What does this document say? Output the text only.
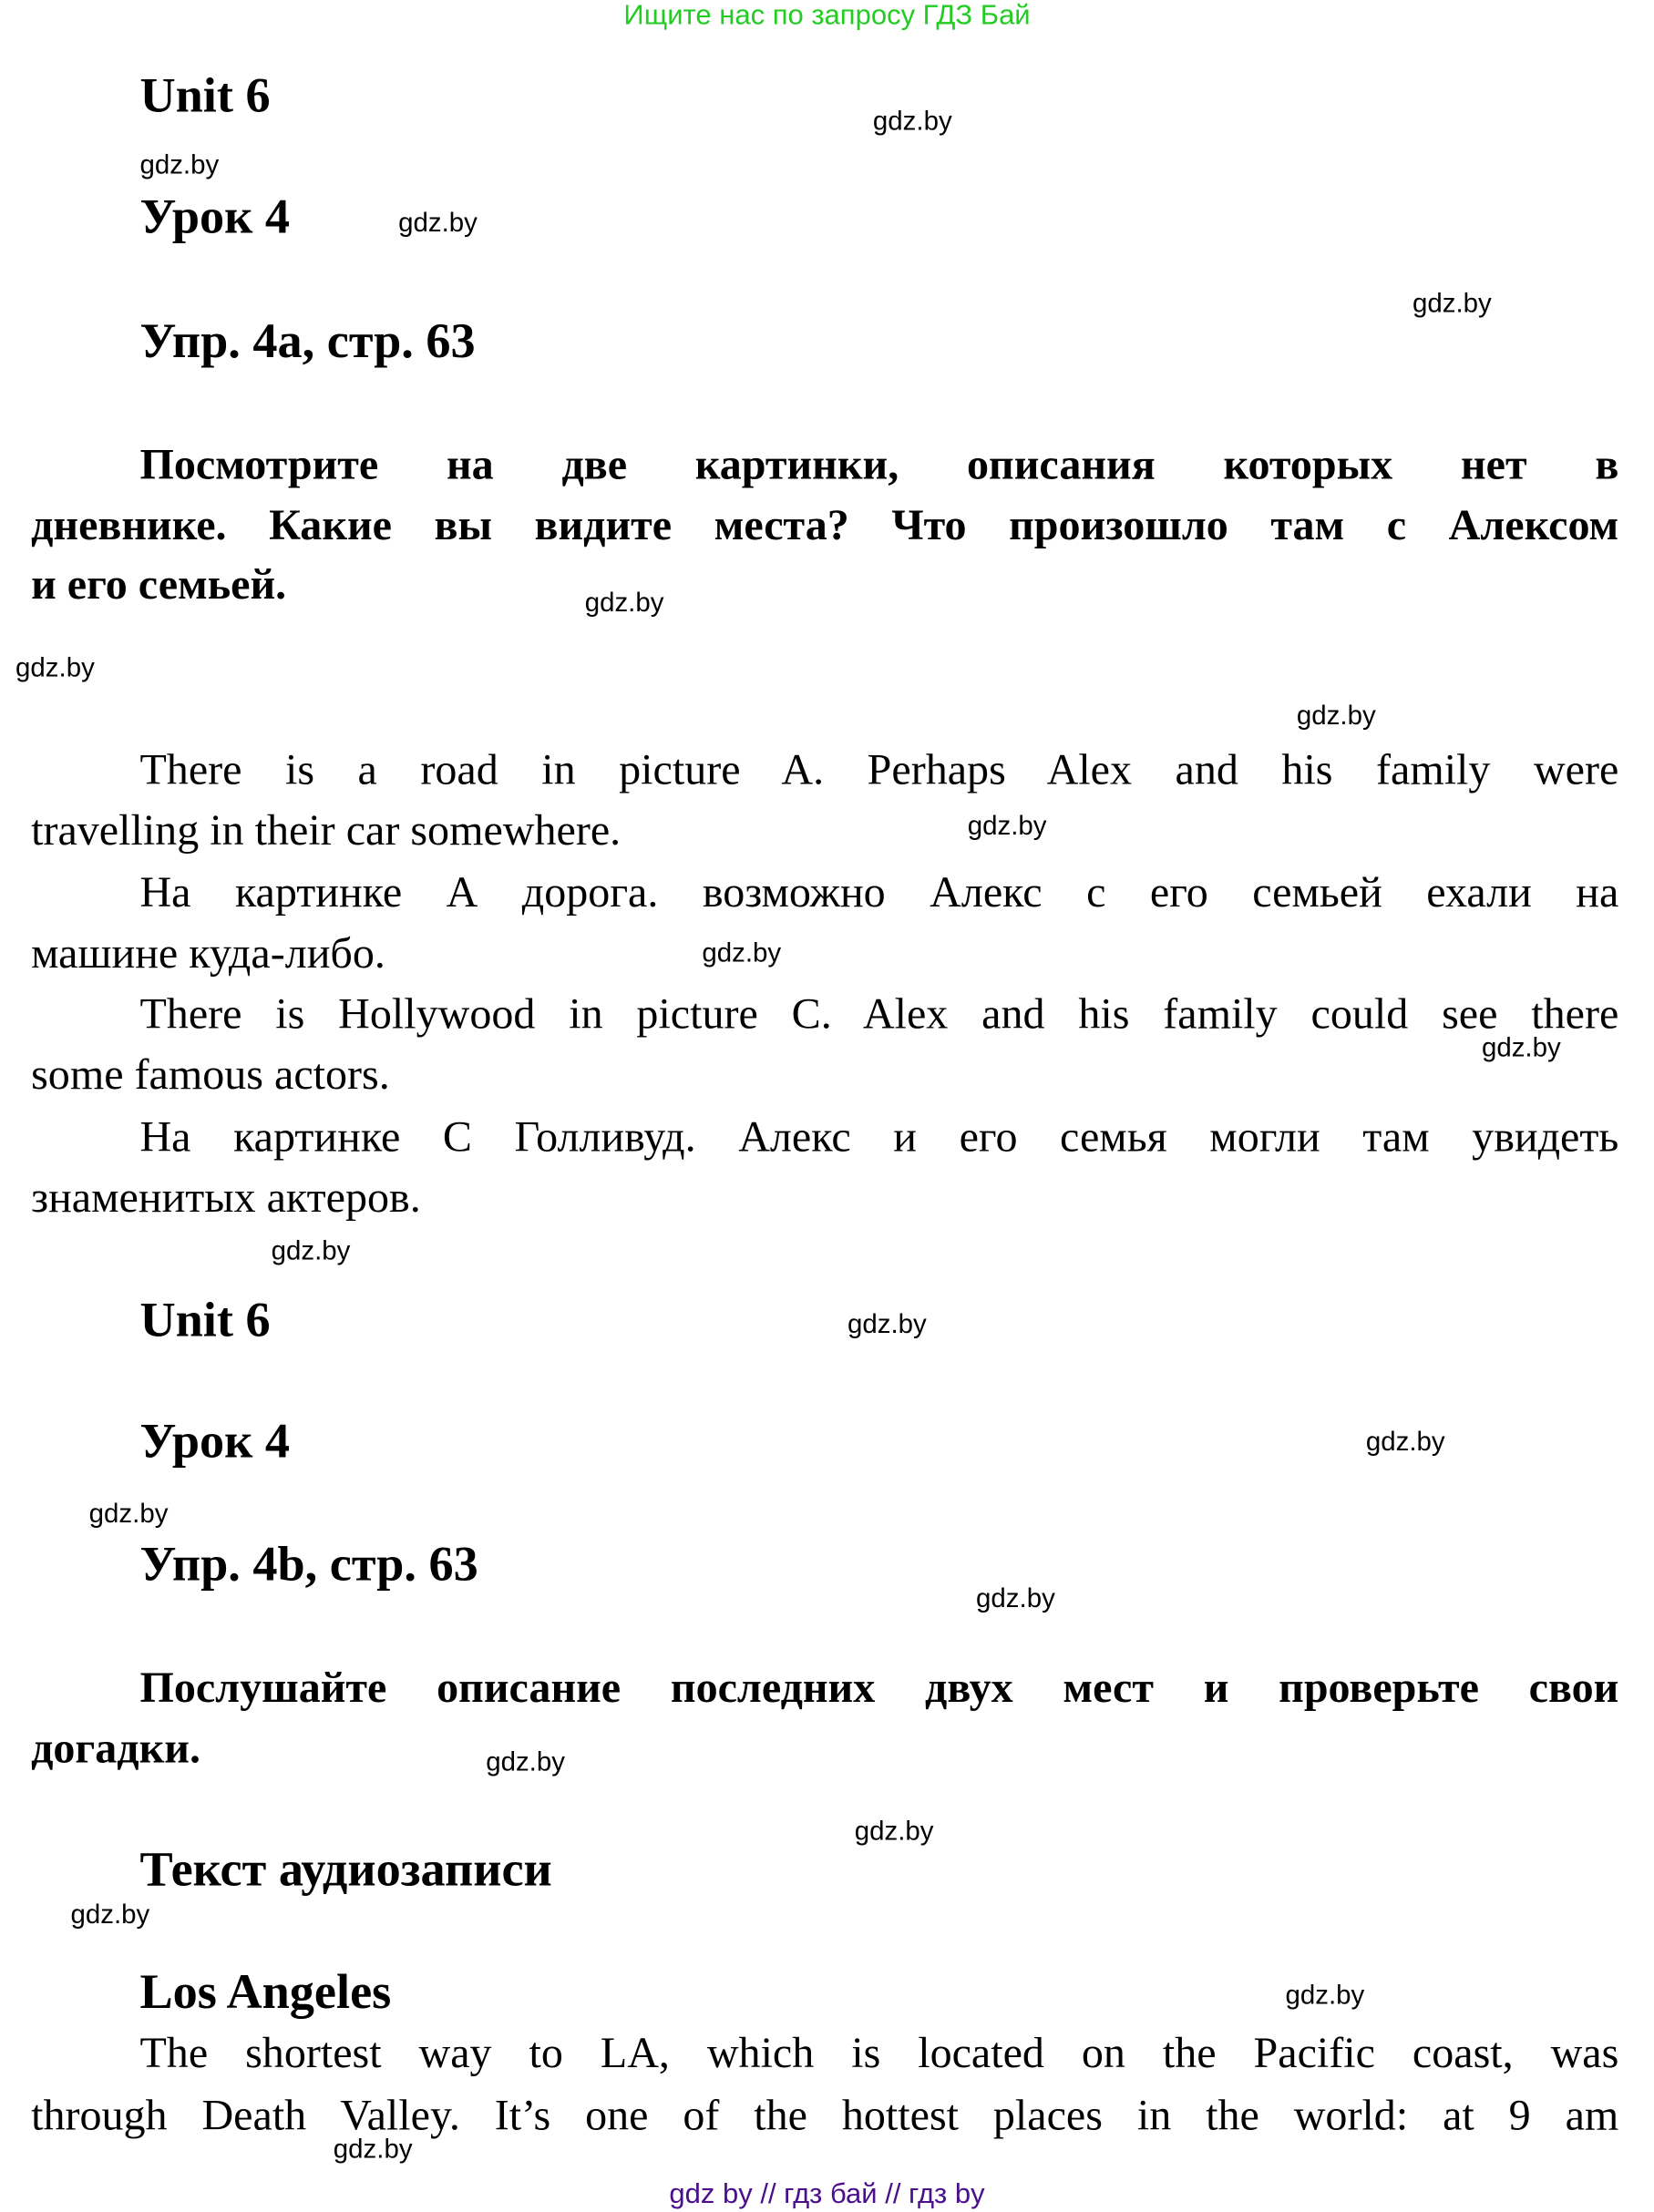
Ищите нас по запросу ГДЗ Бай
Unit 6
Урок 4
Упр. 4a, стр. 63
Посмотрите на две картинки, описания которых нет в
дневнике. Какие вы видите места? Что произошло там с Алексом
и его семьей.
There is a road in picture A. Perhaps Alex and his family were
travelling in their car somewhere.
На картинке А дорога. возможно Алекс с его семьей ехали на
машине куда-либо.
There is Hollywood in picture C. Alex and his family could see there
some famous actors.
На картинке С Голливуд. Алекс и его семья могли там увидеть
знаменитых актеров.
Unit 6
Урок 4
Упр. 4b, стр. 63
Послушайте описание последних двух мест и проверьте свои
догадки.
Текст аудиозаписи
Los Angeles
The shortest way to LA, which is located on the Pacific coast, was
through Death Valley. It’s one of the hottest places in the world: at 9 am
gdz.by
gdz.by
gdz.by
gdz.by
gdz.by
gdz.by
gdz.by
gdz.by
gdz.by
gdz.by
gdz.by
gdz.by
gdz.by
gdz.by
gdz.by
gdz.by
gdz.by
gdz.by
gdz.by
gdz.by
gdz by // гдз бай // гдз by
